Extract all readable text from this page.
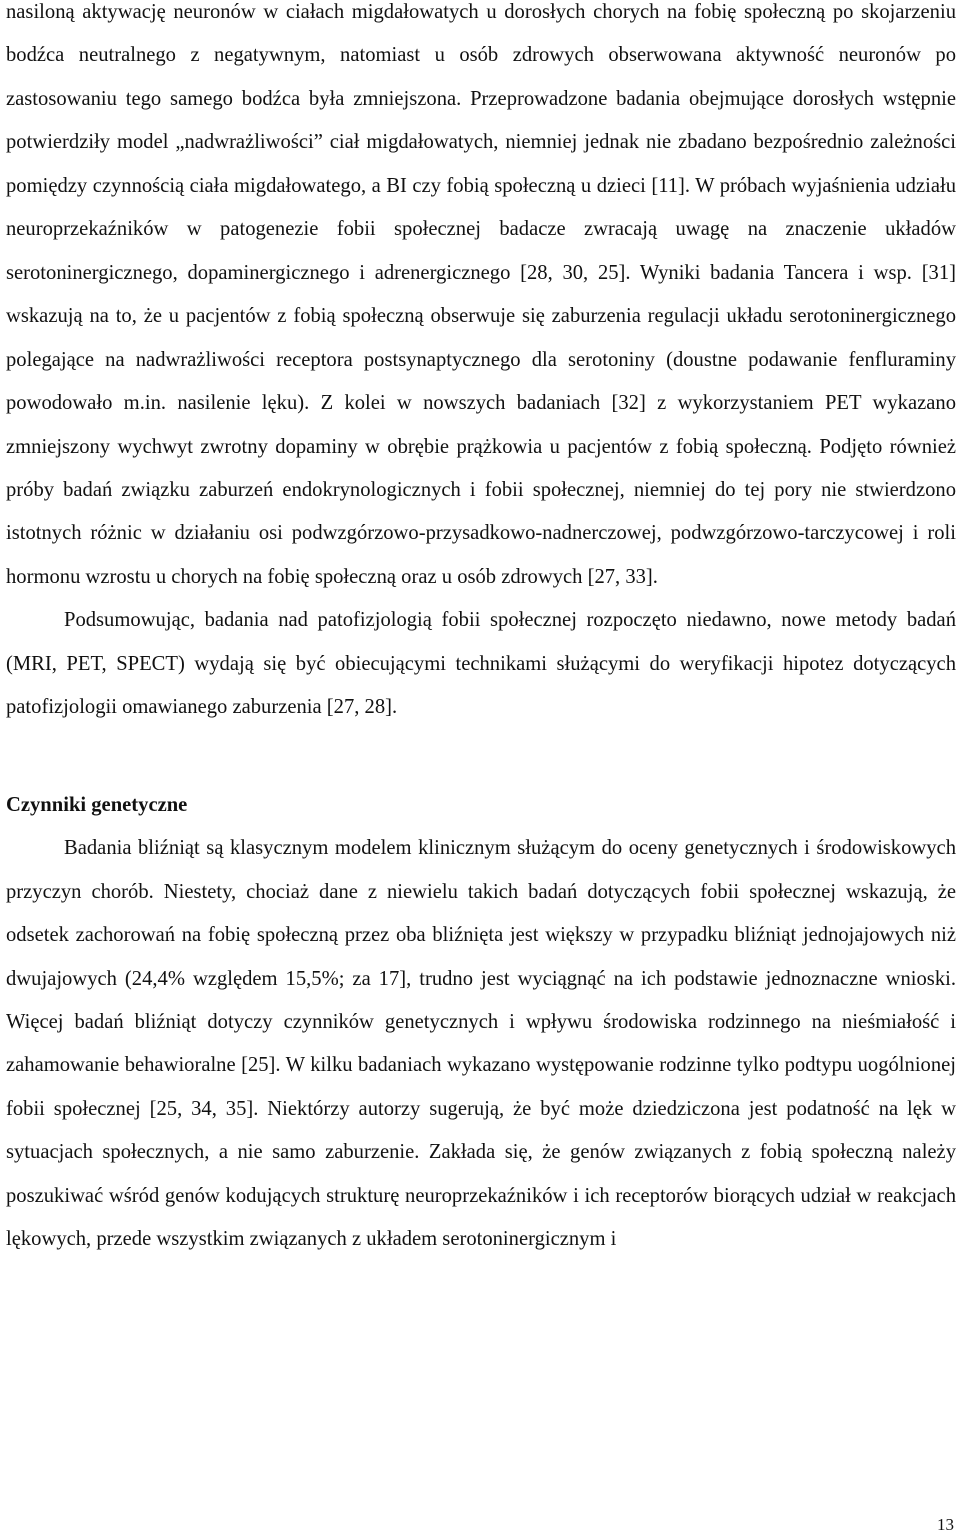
nasiloną aktywację neuronów w ciałach migdałowatych u dorosłych chorych na fobię społeczną po skojarzeniu bodźca neutralnego z negatywnym, natomiast u osób zdrowych obserwowana aktywność neuronów po zastosowaniu tego samego bodźca była zmniejszona. Przeprowadzone badania obejmujące dorosłych wstępnie potwierdziły model „nadwrażliwości” ciał migdałowatych, niemniej jednak nie zbadano bezpośrednio zależności pomiędzy czynnością ciała migdałowatego, a BI czy fobią społeczną u dzieci [11]. W próbach wyjaśnienia udziału neuroprzekaźników w patogenezie fobii społecznej badacze zwracają uwagę na znaczenie układów serotoninergicznego, dopaminergicznego i adrenergicznego [28, 30, 25]. Wyniki badania Tancera i wsp. [31] wskazują na to, że u pacjentów z fobią społeczną obserwuje się zaburzenia regulacji układu serotoninergicznego polegające na nadwrażliwości receptora postsynaptycznego dla serotoniny (doustne podawanie fenfluraminy powodowało m.in. nasilenie lęku). Z kolei w nowszych badaniach [32] z wykorzystaniem PET wykazano zmniejszony wychwyt zwrotny dopaminy w obrębie prążkowia u pacjentów z fobią społeczną. Podjęto również próby badań związku zaburzeń endokrynologicznych i fobii społecznej, niemniej do tej pory nie stwierdzono istotnych różnic w działaniu osi podwzgórzowo-przysadkowo-nadnerczowej, podwzgórzowo-tarczycowej i roli hormonu wzrostu u chorych na fobię społeczną oraz u osób zdrowych [27, 33].

Podsumowując, badania nad patofizjologią fobii społecznej rozpoczęto niedawno, nowe metody badań (MRI, PET, SPECT) wydają się być obiecującymi technikami służącymi do weryfikacji hipotez dotyczących patofizjologii omawianego zaburzenia [27, 28].

Czynniki genetyczne

Badania bliźniąt są klasycznym modelem klinicznym służącym do oceny genetycznych i środowiskowych przyczyn chorób. Niestety, chociaż dane z niewielu takich badań dotyczących fobii społecznej wskazują, że odsetek zachorowań na fobię społeczną przez oba bliźnięta jest większy w przypadku bliźniąt jednojajowych niż dwujajowych (24,4% względem 15,5%; za 17], trudno jest wyciągnąć na ich podstawie jednoznaczne wnioski. Więcej badań bliźniąt dotyczy czynników genetycznych i wpływu środowiska rodzinnego na nieśmiałość i zahamowanie behawioralne [25]. W kilku badaniach wykazano występowanie rodzinne tylko podtypu uogólnionej fobii społecznej [25, 34, 35]. Niektórzy autorzy sugerują, że być może dziedziczona jest podatność na lęk w sytuacjach społecznych, a nie samo zaburzenie. Zakłada się, że genów związanych z fobią społeczną należy poszukiwać wśród genów kodujących strukturę neuroprzekaźników i ich receptorów biorących udział w reakcjach lękowych, przede wszystkim związanych z układem serotoninergicznym i

13
